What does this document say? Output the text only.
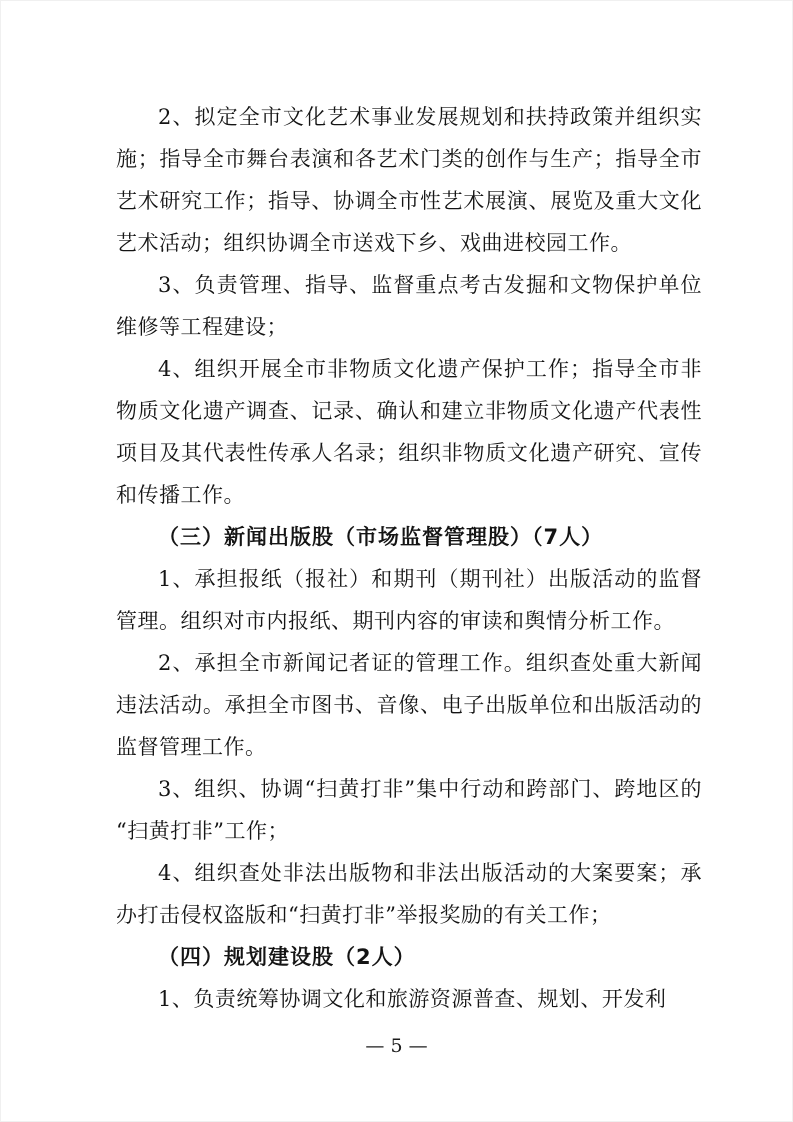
2、拟定全市文化艺术事业发展规划和扶持政策并组织实施；指导全市舞台表演和各艺术门类的创作与生产；指导全市艺术研究工作；指导、协调全市性艺术展演、展览及重大文化艺术活动；组织协调全市送戏下乡、戏曲进校园工作。

3、负责管理、指导、监督重点考古发掘和文物保护单位维修等工程建设；

4、组织开展全市非物质文化遗产保护工作；指导全市非物质文化遗产调查、记录、确认和建立非物质文化遗产代表性项目及其代表性传承人名录；组织非物质文化遗产研究、宣传和传播工作。

（三）新闻出版股（市场监督管理股）（7人）

1、承担报纸（报社）和期刊（期刊社）出版活动的监督管理。组织对市内报纸、期刊内容的审读和舆情分析工作。

2、承担全市新闻记者证的管理工作。组织查处重大新闻违法活动。承担全市图书、音像、电子出版单位和出版活动的监督管理工作。

3、组织、协调“扫黄打非”集中行动和跨部门、跨地区的“扫黄打非”工作；

4、组织查处非法出版物和非法出版活动的大案要案；承办打击侵权盗版和“扫黄打非”举报奖励的有关工作；

（四）规划建设股（2人）

1、负责统筹协调文化和旅游资源普查、规划、开发利

— 5 —
